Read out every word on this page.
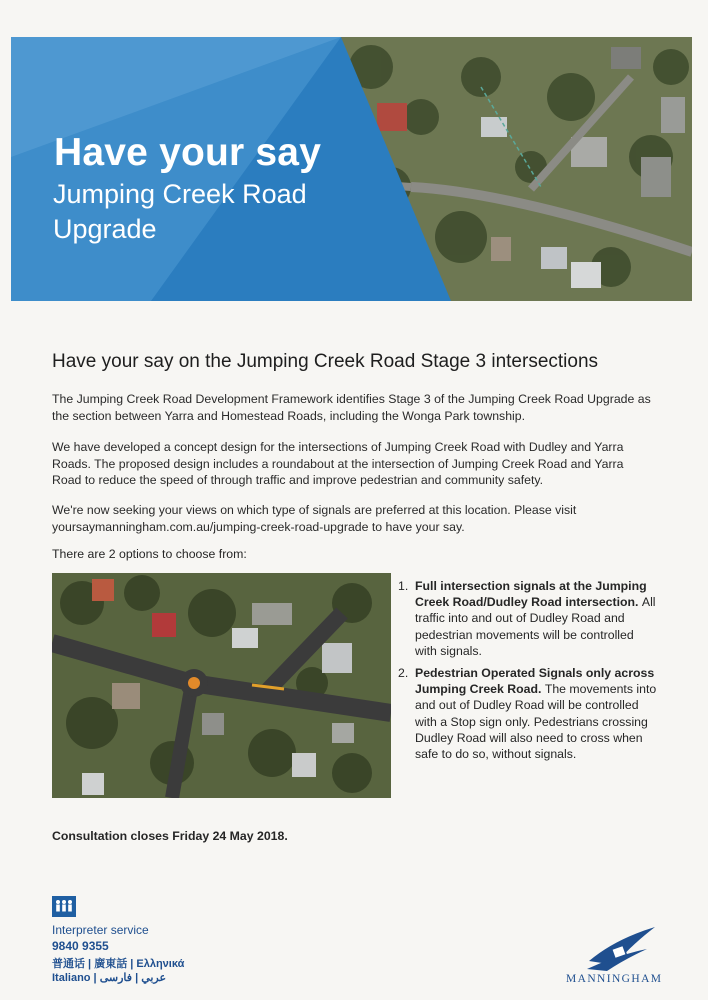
Have your say

Jumping Creek Road Upgrade

Have your say on the Jumping Creek Road Stage 3 intersections

The Jumping Creek Road Development Framework identifies Stage 3 of the Jumping Creek Road Upgrade as the section between Yarra and Homestead Roads, including the Wonga Park township.

We have developed a concept design for the intersections of Jumping Creek Road with Dudley and Yarra Roads. The proposed design includes a roundabout at the intersection of Jumping Creek Road and Yarra Road to reduce the speed of through traffic and improve pedestrian and community safety.

We're now seeking your views on which type of signals are preferred at this location. Please visit yoursaymanningham.com.au/jumping-creek-road-upgrade to have your say.

There are 2 options to choose from:

1. Full intersection signals at the Jumping Creek Road/Dudley Road intersection. All traffic into and out of Dudley Road and pedestrian movements will be controlled with signals.
2. Pedestrian Operated Signals only across Jumping Creek Road. The movements into and out of Dudley Road will be controlled with a Stop sign only. Pedestrians crossing Dudley Road will also need to cross when safe to do so, without signals.

Consultation closes Friday 24 May 2018.

Interpreter service

9840 9355

普通话 | 廣東話 | Ελληνικά

Italiano | عربي | فارسی	MANNINGHAM
